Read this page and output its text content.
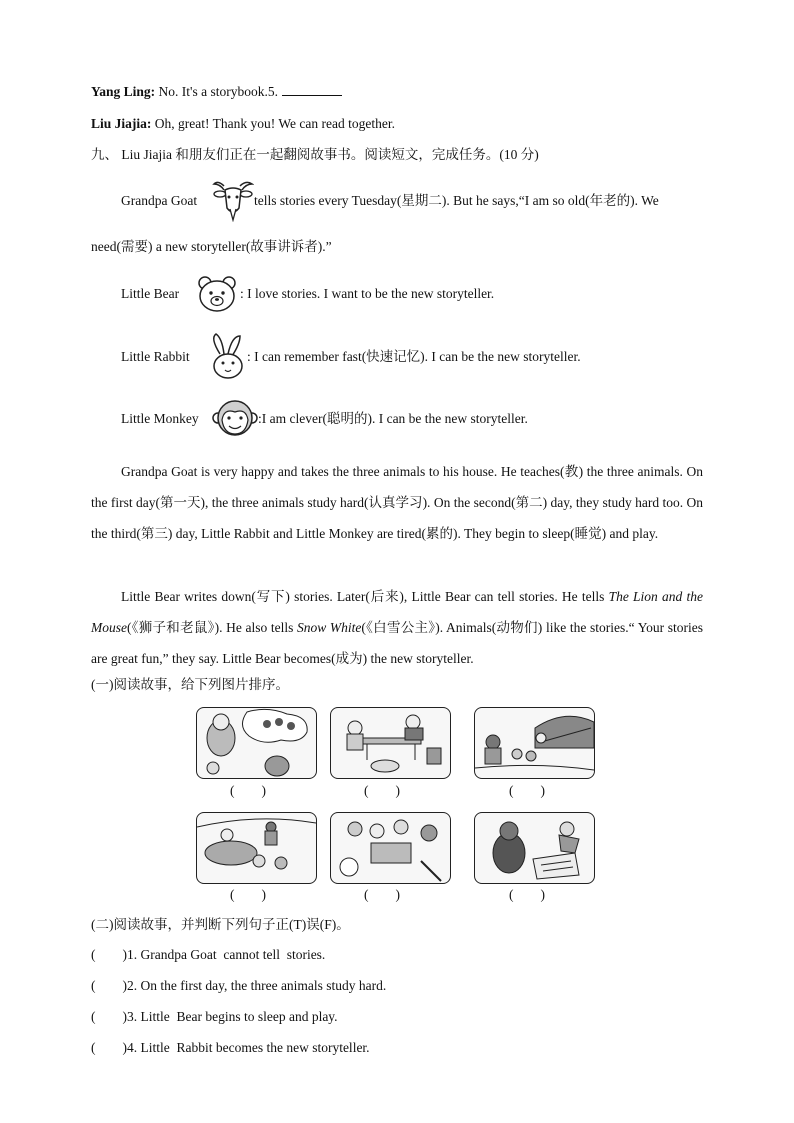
Yang Ling: No. It's a storybook.5.
Liu Jiajia: Oh, great! Thank you! We can read together.
九、 Liu Jiajia 和朋友们正在一起翻阅故事书。阅读短文，完成任务。(10 分)
Grandpa Goat	tells stories every Tuesday(星期二). But he says,“I am so old(年老的). We
need(需要) a new storyteller(故事讲诉者).”
Little Bear	: I love stories. I want to be the new storyteller.
Little Rabbit	: I can remember fast(快速记忆). I can be the new storyteller.
Little Monkey	:I am clever(聪明的). I can be the new storyteller.
Grandpa Goat is very happy and takes the three animals to his house. He teaches(教) the three animals. On the first day(第一天), the three animals study hard(认真学习). On the second(第二) day, they study hard too. On the third(第三) day, Little Rabbit and Little Monkey are tired(累的). They begin to sleep(睡觉) and play.
Little Bear writes down(写下) stories. Later(后来), Little Bear can tell stories. He tells The Lion and the Mouse(《狮子和老鼠》). He also tells Snow White(《白雪公主》). Animals(动物们) like the stories.“ Your stories are great fun,” they say. Little Bear becomes(成为) the new storyteller.
(一)阅读故事，给下列图片排序。
(        )	(        )	(        )
(        )	(        )	(        )
(二)阅读故事，并判断下列句子正(T)误(F)。
(        )1. Grandpa Goat  cannot tell  stories.
(        )2. On the first day, the three animals study hard.
(        )3. Little  Bear begins to sleep and play.
(        )4. Little  Rabbit becomes the new storyteller.
